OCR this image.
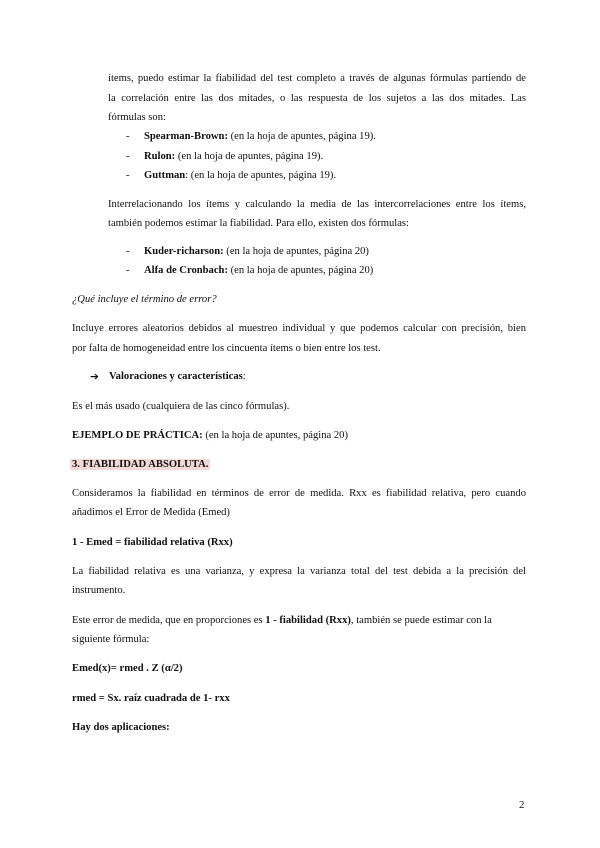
ítems, puedo estimar la fiabilidad del test completo a través de algunas fórmulas partiendo de
la correlación entre las dos mitades, o las respuesta de los sujetos a las dos mitades. Las
fórmulas son:
- Spearman-Brown: (en la hoja de apuntes, página 19).
- Rulon: (en la hoja de apuntes, página 19).
- Guttman: (en la hoja de apuntes, página 19).
Interrelacionando los ítems y calculando la media de las intercorrelaciones entre los ítems,
también podemos estimar la fiabilidad. Para ello, existen dos fórmulas:
- Kuder-richarson: (en la hoja de apuntes, página 20)
- Alfa de Cronbach: (en la hoja de apuntes, página 20)
¿Qué incluye el término de error?
Incluye errores aleatorios debidos al muestreo individual y que podemos calcular con precisión, bien
por falta de homogeneidad entre los cincuenta ítems o bien entre los test.
➔ Valoraciones y características:
Es el más usado (cualquiera de las cinco fórmulas).
EJEMPLO DE PRÁCTICA: (en la hoja de apuntes, página 20)
3. FIABILIDAD ABSOLUTA.
Consideramos la fiabilidad en términos de error de medida. Rxx es fiabilidad relativa, pero cuando
añadimos el Error de Medida (Emed)
1 - Emed = fiabilidad relativa (Rxx)
La fiabilidad relativa es una varianza, y expresa la varianza total del test debida a la precisión del
instrumento.
Este error de medida, que en proporciones es 1 - fiabilidad (Rxx), también se puede estimar con la
siguiente fórmula:
Emed(x)= rmed . Z (α/2)
rmed = Sx. raíz cuadrada de 1- rxx
Hay dos aplicaciones:
2
